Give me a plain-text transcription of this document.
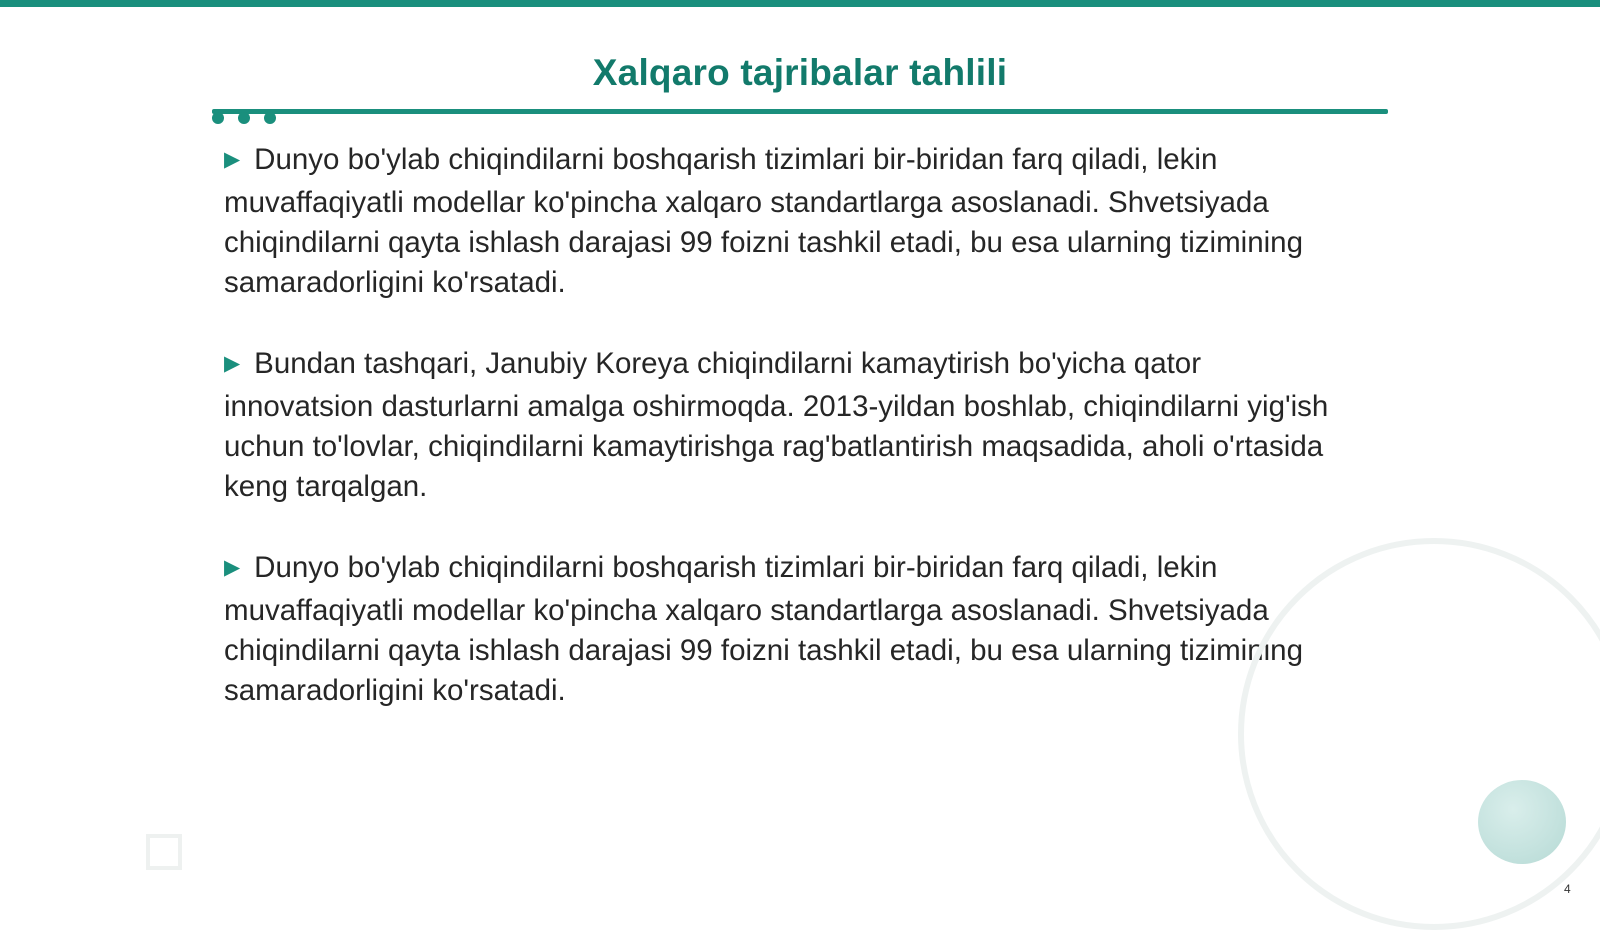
Xalqaro tajribalar tahlili

▶ Dunyo bo'ylab chiqindilarni boshqarish tizimlari bir-biridan farq qiladi, lekin muvaffaqiyatli modellar ko'pincha xalqaro standartlarga asoslanadi. Shvetsiyada chiqindilarni qayta ishlash darajasi 99 foizni tashkil etadi, bu esa ularning tizimining samaradorligini ko'rsatadi.

▶ Bundan tashqari, Janubiy Koreya chiqindilarni kamaytirish bo'yicha qator innovatsion dasturlarni amalga oshirmoqda. 2013-yildan boshlab, chiqindilarni yig'ish uchun to'lovlar, chiqindilarni kamaytirishga rag'batlantirish maqsadida, aholi o'rtasida keng tarqalgan.

▶ Dunyo bo'ylab chiqindilarni boshqarish tizimlari bir-biridan farq qiladi, lekin muvaffaqiyatli modellar ko'pincha xalqaro standartlarga asoslanadi. Shvetsiyada chiqindilarni qayta ishlash darajasi 99 foizni tashkil etadi, bu esa ularning tizimining samaradorligini ko'rsatadi.

4
